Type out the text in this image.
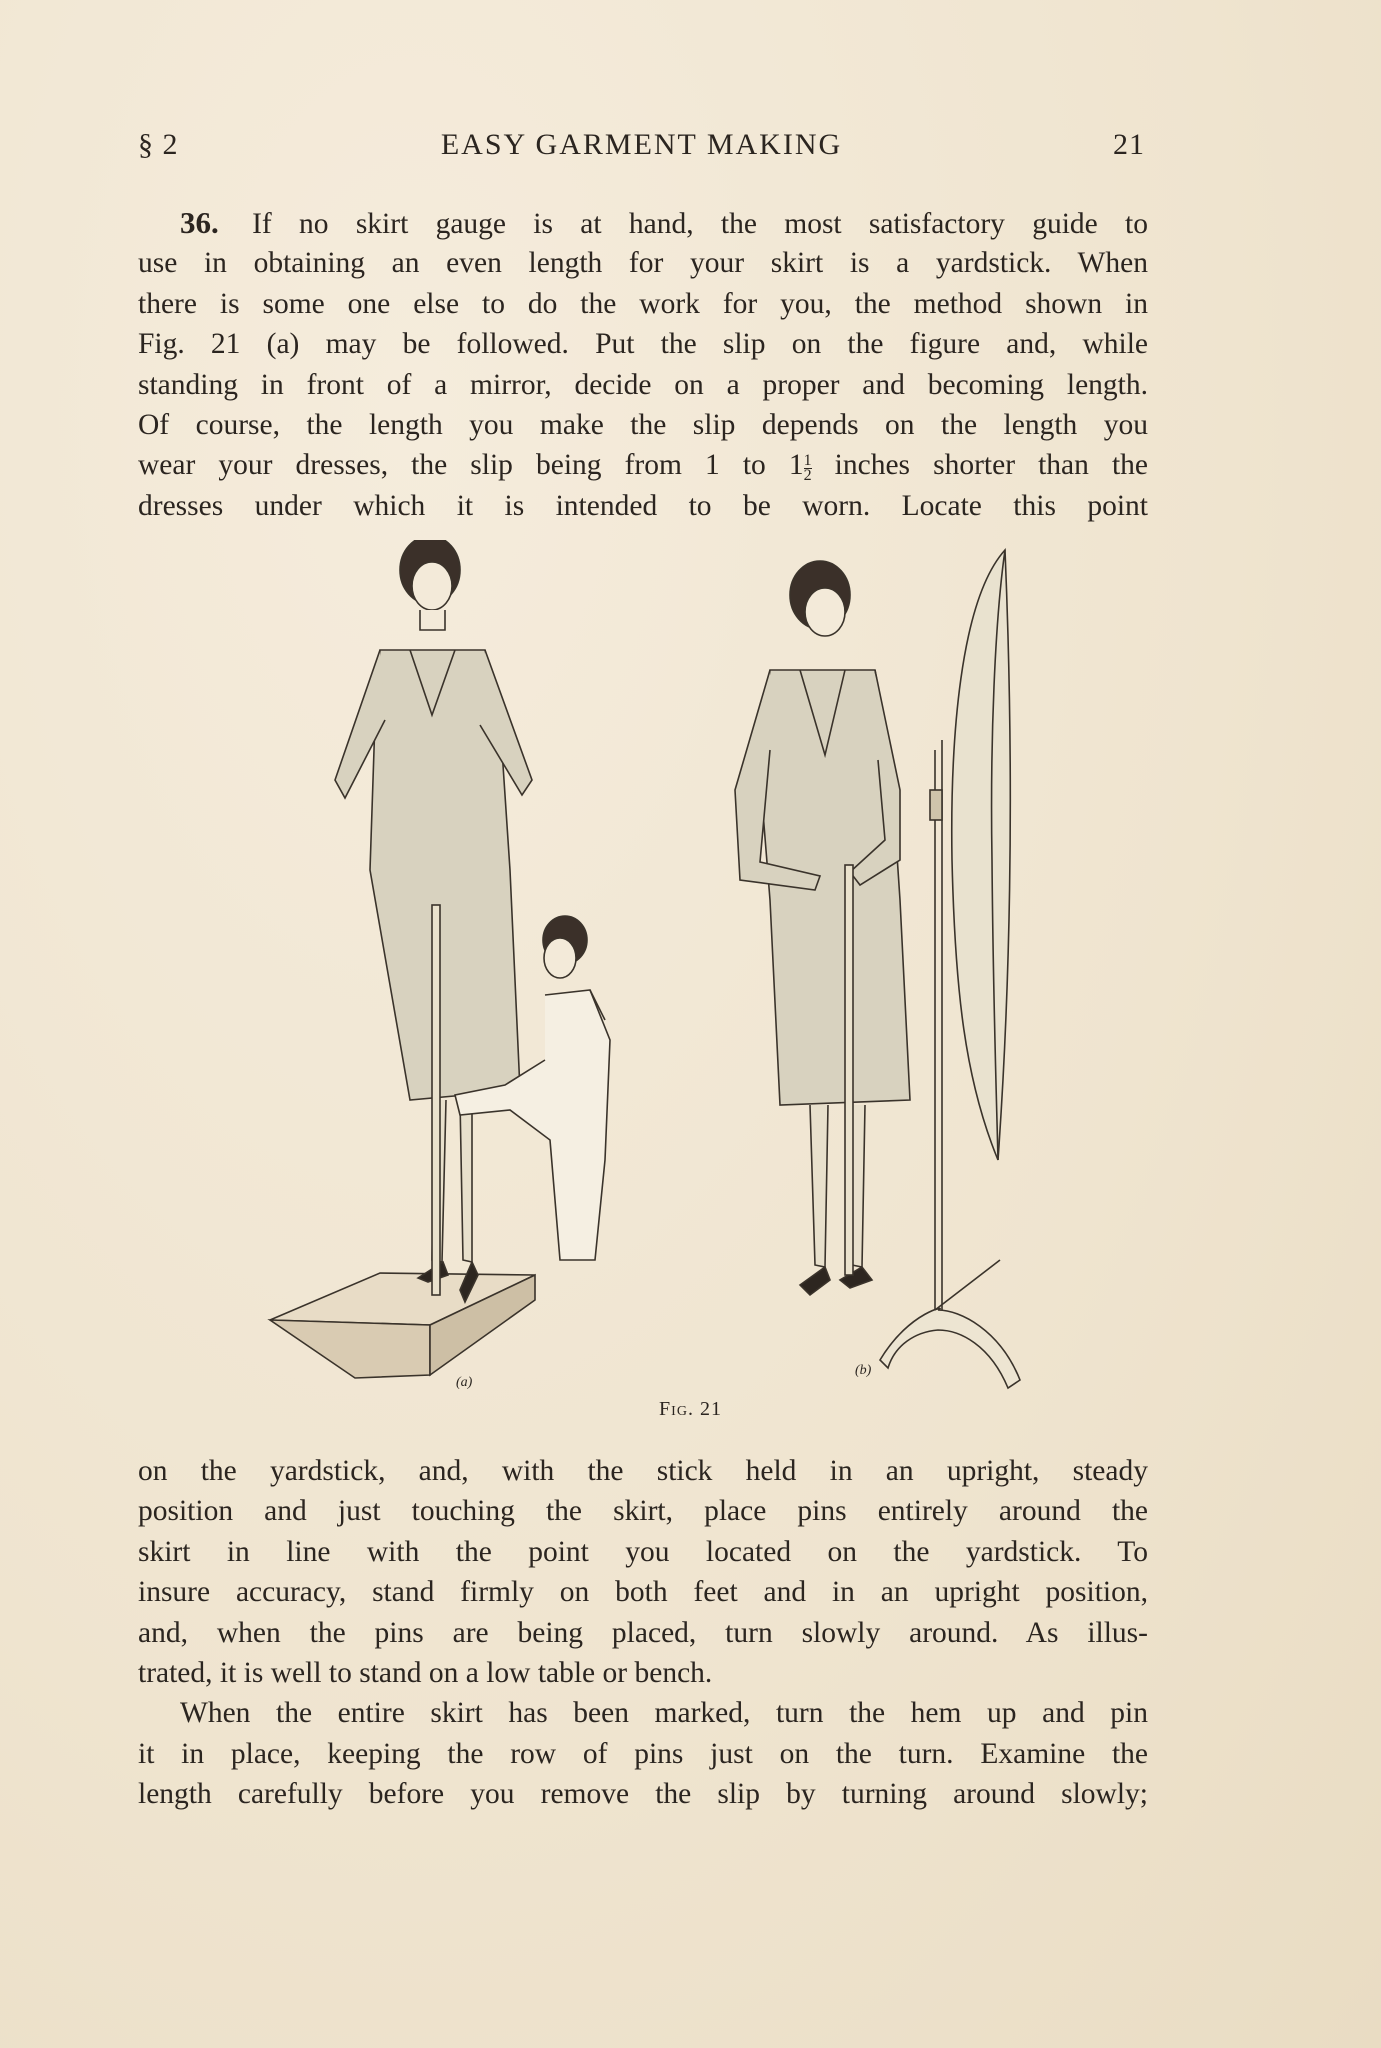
§ 2	EASY GARMENT MAKING	21
36. If no skirt gauge is at hand, the most satisfactory guide to
use in obtaining an even length for your skirt is a yardstick. When
there is some one else to do the work for you, the method shown in
Fig. 21 (a) may be followed. Put the slip on the figure and, while
standing in front of a mirror, decide on a proper and becoming length.
Of course, the length you make the slip depends on the length you
wear your dresses, the slip being from 1 to $1 \frac{1}{2}$ inches shorter than the
dresses under which it is intended to be worn. Locate this point
(a)
(b)
Fig. 21
on the yardstick, and, with the stick held in an upright, steady
position and just touching the skirt, place pins entirely around the
skirt in line with the point you located on the yardstick. To
insure accuracy, stand firmly on both feet and in an upright position,
and, when the pins are being placed, turn slowly around. As illus-
trated, it is well to stand on a low table or bench.
When the entire skirt has been marked, turn the hem up and pin
it in place, keeping the row of pins just on the turn. Examine the
length carefully before you remove the slip by turning around slowly;
